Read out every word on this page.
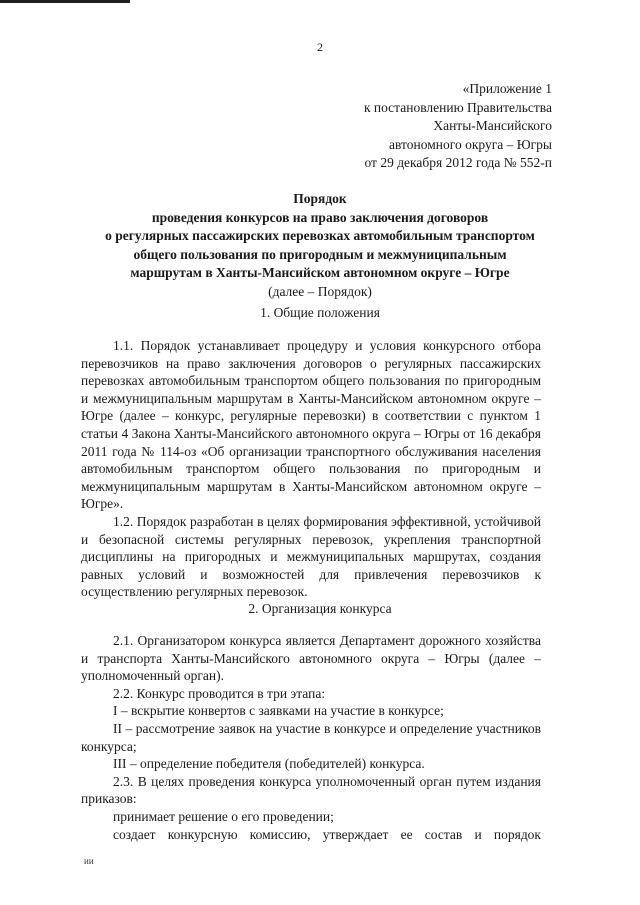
2
«Приложение 1
к постановлению Правительства
Ханты-Мансийского
автономного округа – Югры
от 29 декабря 2012 года № 552-п
Порядок
проведения конкурсов на право заключения договоров
о регулярных пассажирских перевозках автомобильным транспортом
общего пользования по пригородным и межмуниципальным
маршрутам в Ханты-Мансийском автономном округе – Югре
(далее – Порядок)
1. Общие положения

1.1. Порядок устанавливает процедуру и условия конкурсного отбора перевозчиков на право заключения договоров о регулярных пассажирских перевозках автомобильным транспортом общего пользования по пригородным и межмуниципальным маршрутам в Ханты-Мансийском автономном округе – Югре (далее – конкурс, регулярные перевозки) в соответствии с пунктом 1 статьи 4 Закона Ханты-Мансийского автономного округа – Югры от 16 декабря 2011 года № 114-оз «Об организации транспортного обслуживания населения автомобильным транспортом общего пользования по пригородным и межмуниципальным маршрутам в Ханты-Мансийском автономном округе – Югре».

1.2. Порядок разработан в целях формирования эффективной, устойчивой и безопасной системы регулярных перевозок, укрепления транспортной дисциплины на пригородных и межмуниципальных маршрутах, создания равных условий и возможностей для привлечения перевозчиков к осуществлению регулярных перевозок.

2. Организация конкурса

2.1. Организатором конкурса является Департамент дорожного хозяйства и транспорта Ханты-Мансийского автономного округа – Югры (далее – уполномоченный орган).

2.2. Конкурс проводится в три этапа:

I – вскрытие конвертов с заявками на участие в конкурсе;

II – рассмотрение заявок на участие в конкурсе и определение участников конкурса;

III – определение победителя (победителей) конкурса.

2.3. В целях проведения конкурса уполномоченный орган путем издания приказов:

принимает решение о его проведении;

создает конкурсную комиссию, утверждает ее состав и порядок

ии
